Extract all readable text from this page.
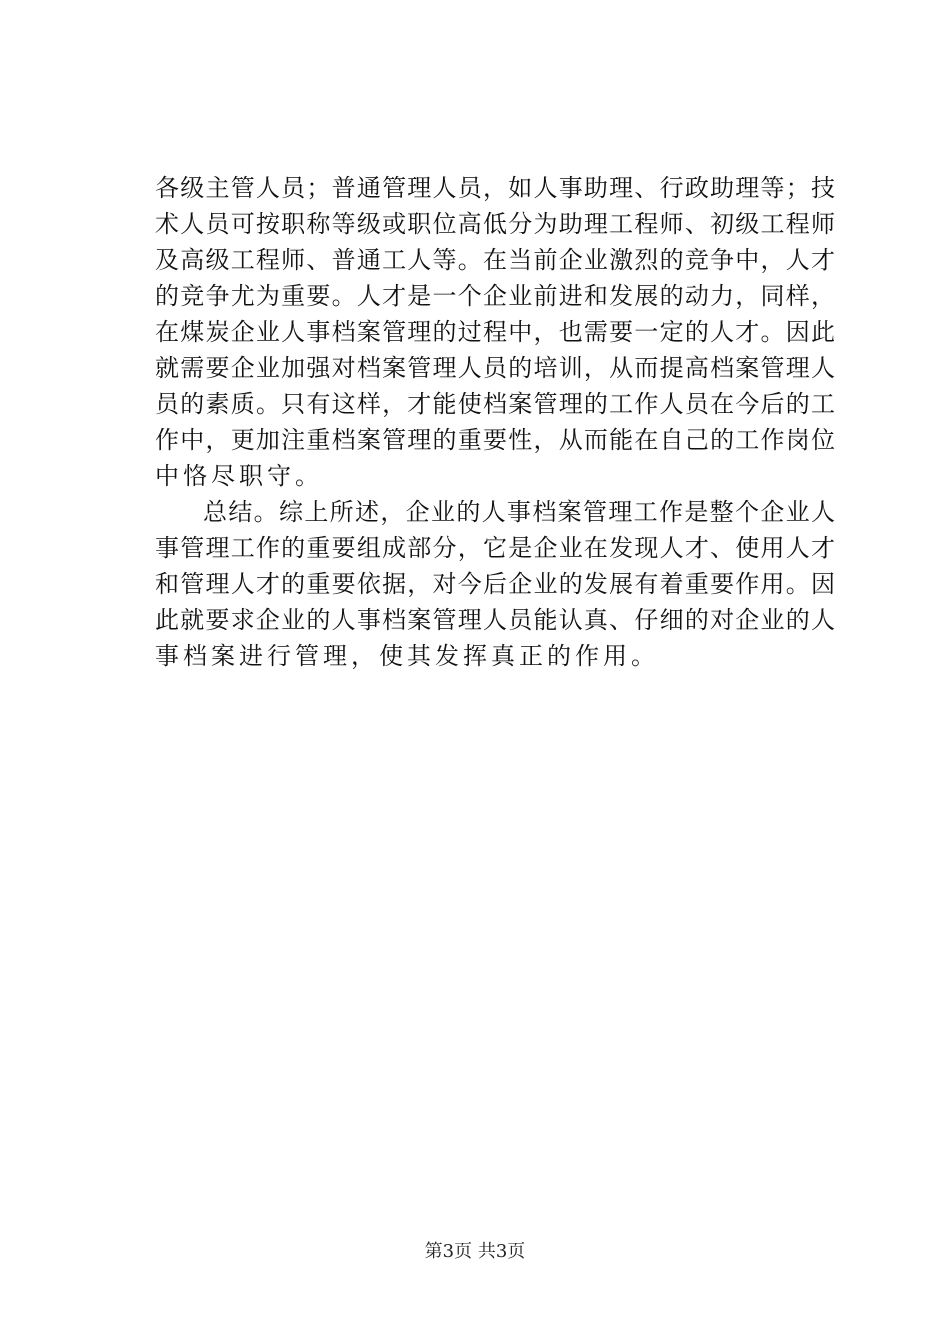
各级主管人员；普通管理人员，如人事助理、行政助理等；技
术人员可按职称等级或职位高低分为助理工程师、初级工程师
及高级工程师、普通工人等。在当前企业激烈的竞争中，人才
的竞争尤为重要。人才是一个企业前进和发展的动力，同样，
在煤炭企业人事档案管理的过程中，也需要一定的人才。因此
就需要企业加强对档案管理人员的培训，从而提高档案管理人
员的素质。只有这样，才能使档案管理的工作人员在今后的工
作中，更加注重档案管理的重要性，从而能在自己的工作岗位
中恪尽职守。
总结。综上所述，企业的人事档案管理工作是整个企业人
事管理工作的重要组成部分，它是企业在发现人才、使用人才
和管理人才的重要依据，对今后企业的发展有着重要作用。因
此就要求企业的人事档案管理人员能认真、仔细的对企业的人
事档案进行管理，使其发挥真正的作用。
第3页 共3页
